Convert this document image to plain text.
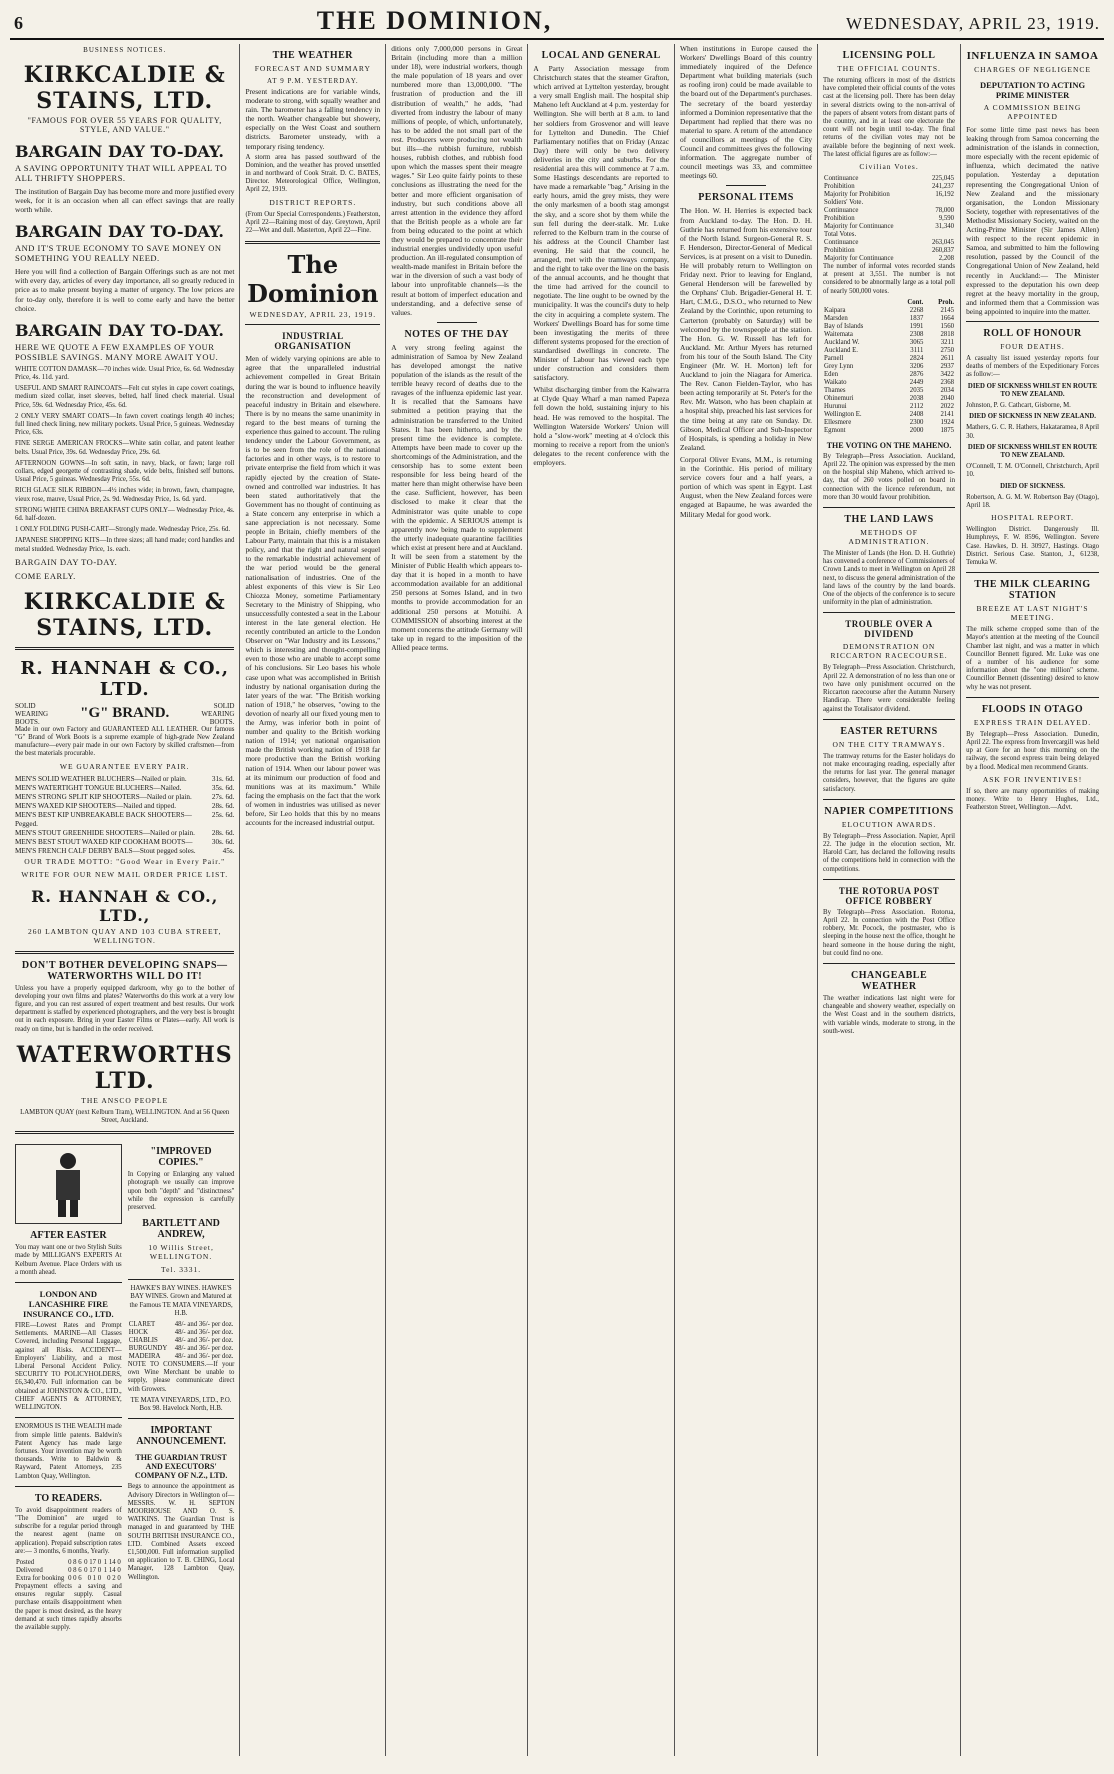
6	THE DOMINION,	WEDNESDAY, APRIL 23, 1919.
BUSINESS NOTICES.
KIRKCALDIE & STAINS, LTD.
"FAMOUS FOR OVER 55 YEARS FOR QUALITY, STYLE, AND VALUE."
BARGAIN DAY TO-DAY.
A SAVING OPPORTUNITY THAT WILL APPEAL TO ALL THRIFTY SHOPPERS.

The institution of Bargain Day has become more and more justified every week, for it is an occasion when all can effect savings that are really worth while.

BARGAIN DAY TO-DAY.
AND IT'S TRUE ECONOMY TO SAVE MONEY ON SOMETHING YOU REALLY NEED.

Here you will find a collection of Bargain Offerings such as are not met with every day, articles of every day importance, all so greatly reduced in price as to make present buying a matter of urgency. The low prices are for to-day only, therefore it is well to come early and have the better choice.

BARGAIN DAY TO-DAY.
HERE WE QUOTE A FEW EXAMPLES OF YOUR POSSIBLE SAVINGS. MANY MORE AWAIT YOU.

WHITE COTTON DAMASK—70 inches wide. Usual Price, 6s. 6d. Wednesday Price, 4s. 11d. yard.

USEFUL AND SMART RAINCOATS—Felt cut styles in cape covert coatings, medium sized collar, inset sleeves, belted, half lined check material. Usual Price, 59s. 6d. Wednesday Price, 45s. 6d.

2 ONLY VERY SMART COATS—In fawn covert coatings length 40 inches; full lined check lining, new military pockets. Usual Price, 5 guineas. Wednesday Price, 63s.

FINE SERGE AMERICAN FROCKS—White satin collar, and patent leather belts. Usual Price, 39s. 6d. Wednesday Price, 29s. 6d.

AFTERNOON GOWNS—In soft satin, in navy, black, or fawn; large roll collars, edged georgette of contrasting shade, wide belts, finished self buttons. Usual Price, 5 guineas. Wednesday Price, 55s. 6d.

RICH GLACE SILK RIBBON—4½ inches wide; in brown, fawn, champagne, vieux rose, mauve, Usual Price, 2s. 9d. Wednesday Price, 1s. 6d. yard.

STRONG WHITE CHINA BREAKFAST CUPS ONLY— Wednesday Price, 4s. 6d. half-dozen.

1 ONLY FOLDING PUSH-CART—Strongly made. Wednesday Price, 25s. 6d.

JAPANESE SHOPPING KITS—In three sizes; all hand made; cord handles and metal studded. Wednesday Price, 1s. each.

BARGAIN DAY TO-DAY.
COME EARLY.
KIRKCALDIE & STAINS, LTD.
R. HANNAH & CO., LTD.
SOLID WEARING BOOTS.
"G" BRAND.	SOLID WEARING BOOTS.

Made in our own Factory and GUARANTEED ALL LEATHER. Our famous "G" Brand of Work Boots is a supreme example of high-grade New Zealand manufacture—every pair made in our own Factory by skilled craftsmen—from the best materials procurable.

WE GUARANTEE EVERY PAIR.
MEN'S SOLID WEATHER BLUCHERS—Nailed or plain.	31s. 6d.
MEN'S WATERTIGHT TONGUE BLUCHERS—Nailed.	35s. 6d.
MEN'S STRONG SPLIT KIP SHOOTERS—Nailed or plain.	27s. 6d.
MEN'S WAXED KIP SHOOTERS—Nailed and tipped.	28s. 6d.
MEN'S BEST KIP UNBREAKABLE BACK SHOOTERS—Pegged.
25s. 6d.
MEN'S STOUT GREENHIDE SHOOTERS—Nailed or plain.	28s. 6d.
MEN'S BEST STOUT WAXED KIP COOKHAM BOOTS—	30s. 6d.
MEN'S FRENCH CALF DERBY BALS—Stout pegged soles.	45s.
OUR TRADE MOTTO: "Good Wear in Every Pair."
WRITE FOR OUR NEW MAIL ORDER PRICE LIST.
R. HANNAH & CO., LTD.,
260 LAMBTON QUAY AND 103 CUBA STREET, WELLINGTON.
DON'T BOTHER DEVELOPING SNAPS— WATERWORTHS WILL DO IT!

Unless you have a properly equipped darkroom, why go to the bother of developing your own films and plates? Waterworths do this work at a very low figure, and you can rest assured of expert treatment and best results. Our work department is staffed by experienced photographers, and the very best is brought out in each exposure. Bring in your Easter Films or Plates—early. All work is ready on time, but is handled in the order received.

WATERWORTHS LTD.
THE ANSCO PEOPLE

LAMBTON QUAY (next Kelburn Tram), WELLINGTON. And at 56 Queen Street, Auckland.

AFTER EASTER

You may want one or two Stylish Suits made by MILLIGAN'S EXPERTS At Kelburn Avenue. Place Orders with us a month ahead.

LONDON AND LANCASHIRE FIRE INSURANCE CO., LTD.

FIRE—Lowest Rates and Prompt Settlements. MARINE—All Classes Covered, including Personal Luggage, against all Risks. ACCIDENT—Employers' Liability, and a most Liberal Personal Accident Policy. SECURITY TO POLICYHOLDERS, £6,340,470. Full information can be obtained at JOHNSTON & CO., LTD., CHIEF AGENTS & ATTORNEY, WELLINGTON.

ENORMOUS IS THE WEALTH made from simple little patents. Baldwin's Patent Agency has made large fortunes. Your invention may be worth thousands. Write to Baldwin & Rayward, Patent Attorneys, 235 Lambton Quay, Wellington.

TO READERS.

To avoid disappointment readers of "The Dominion" are urged to subscribe for a regular period through the nearest agent (name on application). Prepaid subscription rates are:— 3 months, 6 months, Yearly.

Posted	0 8 6	0 17 0	1 14 0
Delivered	0 8 6	0 17 0	1 14 0
Extra for booking	0 0 6	0 1 0	0 2 0

Prepayment effects a saving and ensures regular supply. Casual purchase entails disappointment when the paper is most desired, as the heavy demand at such times rapidly absorbs the available supply.

"IMPROVED COPIES."

In Copying or Enlarging any valued photograph we usually can improve upon both "depth" and "distinctness" while the expression is carefully preserved.

BARTLETT AND ANDREW,
10 Willis Street, WELLINGTON.
Tel. 3331.

HAWKE'S BAY WINES. HAWKE'S BAY WINES. Grown and Matured at the Famous TE MATA VINEYARDS, H.B.

CLARET	48/- and 36/- per doz.
HOCK	48/- and 36/- per doz.
CHABLIS	48/- and 36/- per doz.
BURGUNDY	48/- and 36/- per doz.
MADEIRA	48/- and 36/- per doz.

NOTE TO CONSUMERS.—If your own Wine Merchant be unable to supply, please communicate direct with Growers.

TE MATA VINEYARDS, LTD., P.O. Box 98. Havelock North, H.B.

IMPORTANT ANNOUNCEMENT.
THE GUARDIAN TRUST AND EXECUTORS' COMPANY OF N.Z., LTD.

Begs to announce the appointment as Advisory Directors in Wellington of— MESSRS. W. H. SEPTON MOORHOUSE AND O. S. WATKINS. The Guardian Trust is managed in and guaranteed by THE SOUTH BRITISH INSURANCE CO., LTD. Combined Assets exceed £1,500,000. Full information supplied on application to T. B. CHING, Local Manager, 128 Lambton Quay, Wellington.

THE WEATHER
FORECAST AND SUMMARY
AT 9 P.M. YESTERDAY.

Present indications are for variable winds, moderate to strong, with squally weather and rain. The barometer has a falling tendency in the north. Weather changeable but showery, especially on the West Coast and southern districts. Barometer unsteady, with a temporary rising tendency.

A storm area has passed southward of the Dominion, and the weather has proved unsettled in and northward of Cook Strait. D. C. BATES, Director. Meteorological Office, Wellington, April 22, 1919.

DISTRICT REPORTS.

(From Our Special Correspondents.) Featherston, April 22—Raining most of day. Greytown, April 22—Wet and dull. Masterton, April 22—Fine.

The Dominion
WEDNESDAY, APRIL 23, 1919.
INDUSTRIAL ORGANISATION

Men of widely varying opinions are able to agree that the unparalleled industrial achievement compelled in Great Britain during the war is bound to influence heavily the reconstruction and development of peaceful industry in Britain and elsewhere. There is by no means the same unanimity in regard to the best means of turning the experience thus gained to account. The ruling tendency under the Labour Government, as is to be seen from the role of the national factories and in other ways, is to restore to private enterprise the field from which it was rapidly ejected by the creation of State-owned and controlled war industries. It has been stated authoritatively that the Government has no thought of continuing as a State concern any enterprise in which a sane appreciation is not necessary. Some people in Britain, chiefly members of the Labour Party, maintain that this is a mistaken policy, and that the right and natural sequel to the remarkable industrial achievement of the war period would be the general nationalisation of industries. One of the ablest exponents of this view is Sir Leo Chiozza Money, sometime Parliamentary Secretary to the Ministry of Shipping, who unsuccessfully contested a seat in the Labour interest in the late general election. He recently contributed an article to the London Observer on "War Industry and its Lessons," which is interesting and thought-compelling even to those who are unable to accept some of his conclusions. Sir Leo bases his whole case upon what was accomplished in British industry by national organisation during the later years of the war. "The British working nation of 1918," he observes, "owing to the devotion of nearly all our fixed young men to the Army, was inferior both in point of number and quality to the British working nation of 1914; yet national organisation made the British working nation of 1918 far more productive than the British working nation of 1914. When our labour power was at its minimum our production of food and munitions was at its maximum." While facing the emphasis on the fact that the work of women in industries was utilised as never before, Sir Leo holds that this by no means accounts for the increased industrial output.

ditions only 7,000,000 persons in Great Britain (including more than a million under 18), were industrial workers, though the male population of 18 years and over numbered more than 13,000,000. "The frustration of production and the ill distribution of wealth," he adds, "had diverted from industry the labour of many millions of people, of which, unfortunately, has to be added the not small part of the rest. Producers were producing not wealth but ills—the rubbish furniture, rubbish houses, rubbish clothes, and rubbish food upon which the masses spent their meagre wages." Sir Leo quite fairly points to these conclusions as illustrating the need for the better and more efficient organisation of industry, but such conditions above all arrest attention in the evidence they afford that the British people as a whole are far from being educated to the point at which they would be prepared to concentrate their industrial energies undividedly upon useful production. An ill-regulated consumption of wealth-made manifest in Britain before the war in the diversion of such a vast body of labour into unprofitable channels—is the result at bottom of imperfect education and understanding, and a defective sense of values.

NOTES OF THE DAY

A very strong feeling against the administration of Samoa by New Zealand has developed amongst the native population of the islands as the result of the terrible heavy record of deaths due to the ravages of the influenza epidemic last year. It is recalled that the Samoans have submitted a petition praying that the administration be transferred to the United States. It has been hitherto, and by the present time the evidence is complete. Attempts have been made to cover up the shortcomings of the Administration, and the censorship has to some extent been responsible for less being heard of the matter here than might otherwise have been the case. Sufficient, however, has been disclosed to make it clear that the Administrator was quite unable to cope with the epidemic. A SERIOUS attempt is apparently now being made to supplement the utterly inadequate quarantine facilities which exist at present here and at Auckland. It will be seen from a statement by the Minister of Public Health which appears to-day that it is hoped in a month to have accommodation available for an additional 250 persons at Somes Island, and in two months to provide accommodation for an additional 250 persons at Motuihi. A COMMISSION of absorbing interest at the moment concerns the attitude Germany will take up in regard to the imposition of the Allied peace terms.

LOCAL AND GENERAL

A Party Association message from Christchurch states that the steamer Grafton, which arrived at Lyttelton yesterday, brought a very small English mail. The hospital ship Maheno left Auckland at 4 p.m. yesterday for Wellington. She will berth at 8 a.m. to land her soldiers from Grosvenor and will leave for Lyttelton and Dunedin. The Chief Parliamentary notifies that on Friday (Anzac Day) there will only be two delivery deliveries in the city and suburbs. For the residential area this will commence at 7 a.m. Some Hastings descendants are reported to have made a remarkable "bag." Arising in the early hours, amid the grey mists, they were the only marksmen of a booth stag amongst the sky, and a score shot by them while the sun fell during the deer-stalk. Mr. Luke referred to the Kelburn tram in the course of his address at the Council Chamber last evening. He said that the council, he arranged, met with the tramways company, and the right to take over the line on the basis of the annual accounts, and he thought that the time had arrived for the council to negotiate. The line ought to be owned by the municipality. It was the council's duty to help the city in acquiring a complete system. The Workers' Dwellings Board has for some time been investigating the merits of three different systems proposed for the erection of standardised dwellings in concrete. The Minister of Labour has viewed each type under construction and considers them satisfactory.

Whilst discharging timber from the Kaiwarra at Clyde Quay Wharf a man named Papeza fell down the hold, sustaining injury to his head. He was removed to the hospital. The Wellington Waterside Workers' Union will hold a "slow-work" meeting at 4 o'clock this morning to receive a report from the union's delegates to the recent conference with the employers.

When institutions in Europe caused the Workers' Dwellings Board of this country immediately inquired of the Defence Department what building materials (such as roofing iron) could be made available to the board out of the Department's purchases. The secretary of the board yesterday informed a Dominion representative that the Department had replied that there was no material to spare. A return of the attendance of councillors at meetings of the City Council and committees gives the following information. The aggregate number of council meetings was 33, and committee meetings 60.

PERSONAL ITEMS

The Hon. W. H. Herries is expected back from Auckland to-day. The Hon. D. H. Guthrie has returned from his extensive tour of the North Island. Surgeon-General R. S. F. Henderson, Director-General of Medical Services, is at present on a visit to Dunedin. He will probably return to Wellington on Friday next. Prior to leaving for England, General Henderson will be farewelled by the Orphans' Club. Brigadier-General H. T. Hart, C.M.G., D.S.O., who returned to New Zealand by the Corinthic, upon returning to Carterton (probably on Saturday) will be welcomed by the townspeople at the station. The Hon. G. W. Russell has left for Auckland. Mr. Arthur Myers has returned from his tour of the South Island. The City Engineer (Mr. W. H. Morton) left for Auckland to join the Niagara for America. The Rev. Canon Fielden-Taylor, who has been acting temporarily at St. Peter's for the Rev. Mr. Watson, who has been chaplain at a hospital ship, preached his last services for the time being at any rate on Sunday. Dr. Gibson, Medical Officer and Sub-Inspector of Hospitals, is spending a holiday in New Zealand.

Corporal Oliver Evans, M.M., is returning in the Corinthic. His period of military service covers four and a half years, a portion of which was spent in Egypt. Last August, when the New Zealand forces were engaged at Bapaume, he was awarded the Military Medal for good work.

LICENSING POLL
THE OFFICIAL COUNTS.

The returning officers in most of the districts have completed their official counts of the votes cast at the licensing poll. There has been delay in several districts owing to the non-arrival of the papers of absent voters from distant parts of the country, and in at least one electorate the count will not begin until to-day. The final returns of the civilian votes may not be available before the beginning of next week. The latest official figures are as follow:—

Civilian Votes.
Continuance	225,045
Prohibition	241,237
Majority for Prohibition	16,192
Soldiers' Vote.	
Continuance	78,000
Prohibition	9,590
Majority for Continuance	31,340
Total Votes.	
Continuance	263,045
Prohibition	260,837
Majority for Continuance	2,208

The number of informal votes recorded stands at present at 3,551. The number is not considered to be abnormally large as a total poll of nearly 500,000 votes.

	Cont.	Proh.
Kaipara	2268	2145
Marsden	1837	1664
Bay of Islands	1991	1560
Waitemata	2308	2818
Auckland W.	3065	3211
Auckland E.	3111	2750
Parnell	2824	2611
Grey Lynn	3206	2937
Eden	2876	3422
Waikato	2449	2368
Thames	2035	2034
Ohinemuri	2038	2040
Hurunui	2112	2022
Wellington E.	2408	2141
Ellesmere	2300	1924
Egmont	2000	1875
THE VOTING ON THE MAHENO.

By Telegraph—Press Association. Auckland, April 22. The opinion was expressed by the men on the hospital ship Maheno, which arrived to-day, that of 260 votes polled on board in connection with the licence referendum, not more than 30 would favour prohibition.

THE LAND LAWS
METHODS OF ADMINISTRATION.

The Minister of Lands (the Hon. D. H. Guthrie) has convened a conference of Commissioners of Crown Lands to meet in Wellington on April 28 next, to discuss the general administration of the land laws of the country by the land boards. One of the objects of the conference is to secure uniformity in the plan of administration.

TROUBLE OVER A DIVIDEND
DEMONSTRATION ON RICCARTON RACECOURSE.

By Telegraph—Press Association. Christchurch, April 22. A demonstration of no less than one or two have only punishment occurred on the Riccarton racecourse after the Autumn Nursery Handicap. There were considerable feeling against the Totalisator dividend.

EASTER RETURNS
ON THE CITY TRAMWAYS.

The tramway returns for the Easter holidays do not make encouraging reading, especially after the returns for last year. The general manager considers, however, that the figures are quite satisfactory.

NAPIER COMPETITIONS
ELOCUTION AWARDS.

By Telegraph—Press Association. Napier, April 22. The judge in the elocution section, Mr. Harold Carr, has declared the following results of the competitions held in connection with the competitions.

THE ROTORUA POST OFFICE ROBBERY

By Telegraph—Press Association. Rotorua, April 22. In connection with the Post Office robbery, Mr. Pocock, the postmaster, who is sleeping in the house next the office, thought he heard someone in the house during the night, but could find no one.

CHANGEABLE WEATHER

The weather indications last night were for changeable and showery weather, especially on the West Coast and in the southern districts, with variable winds, moderate to strong, in the south-west.

INFLUENZA IN SAMOA
CHARGES OF NEGLIGENCE
DEPUTATION TO ACTING PRIME MINISTER
A COMMISSION BEING APPOINTED

For some little time past news has been leaking through from Samoa concerning the administration of the islands in connection, more especially with the recent epidemic of influenza, which decimated the native population. Yesterday a deputation representing the Congregational Union of New Zealand and the missionary organisation, the London Missionary Society, together with representatives of the Methodist Missionary Society, waited on the Acting-Prime Minister (Sir James Allen) with respect to the recent epidemic in Samoa, and submitted to him the following resolution, passed by the Council of the Congregational Union of New Zealand, held recently in Auckland:— The Minister expressed to the deputation his own deep regret at the heavy mortality in the group, and informed them that a Commission was being appointed to inquire into the matter.

ROLL OF HONOUR
FOUR DEATHS.

A casualty list issued yesterday reports four deaths of members of the Expeditionary Forces as follow:—

DIED OF SICKNESS WHILST EN ROUTE TO NEW ZEALAND.

Johnston, P. G. Cathcart, Gisborne, M.

DIED OF SICKNESS IN NEW ZEALAND.

Mathers, G. C. R. Hathers, Hakataramea, 8 April 30.

DIED OF SICKNESS WHILST EN ROUTE TO NEW ZEALAND.

O'Connell, T. M. O'Connell, Christchurch, April 10.

DIED OF SICKNESS.

Robertson, A. G. M. W. Robertson Bay (Otago), April 18.

HOSPITAL REPORT.

Wellington District. Dangerously Ill. Humphreys, F. W. 8596, Wellington. Severe Case. Hawkes, D. H. 30927, Hastings. Otago District. Serious Case. Stanton, J., 61238, Temuka W.

THE MILK CLEARING STATION
BREEZE AT LAST NIGHT'S MEETING.

The milk scheme cropped some than of the Mayor's attention at the meeting of the Council Chamber last night, and was a matter in which Councillor Bennett figured. Mr. Luke was one of a number of his audience for some information about the "one million" scheme. Councillor Bennett (dissenting) desired to know why he was not present.

FLOODS IN OTAGO
EXPRESS TRAIN DELAYED.

By Telegraph—Press Association. Dunedin, April 22. The express from Invercargill was held up at Gore for an hour this morning on the railway, the second express train being delayed by a flood. Medical men recommend Grants.

ASK FOR INVENTIVES!

If so, there are many opportunities of making money. Write to Henry Hughes, Ltd., Featherston Street, Wellington.—Advt.
